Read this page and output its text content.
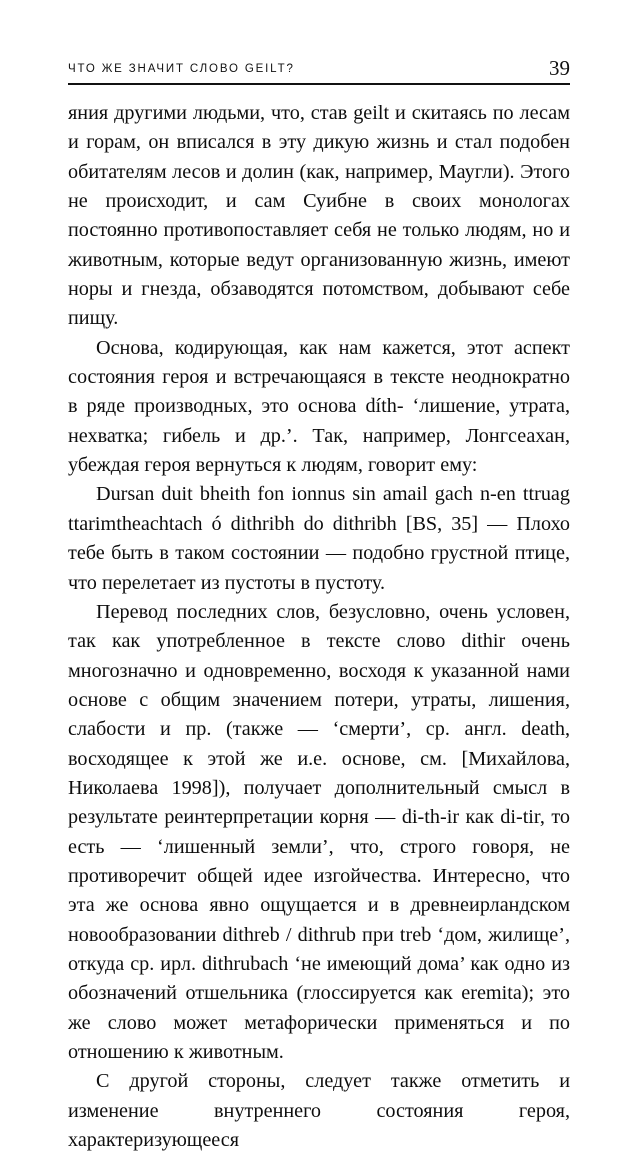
ЧТО ЖЕ ЗНАЧИТ СЛОВО GEILT?	39

яния другими людьми, что, став geilt и скитаясь по лесам и горам, он вписался в эту дикую жизнь и стал подобен обитателям лесов и долин (как, например, Маугли). Этого не происходит, и сам Суибне в своих монологах постоянно противопоставляет себя не только людям, но и животным, которые ведут организованную жизнь, имеют норы и гнезда, обзаводятся потомством, добывают себе пищу.

Основа, кодирующая, как нам кажется, этот аспект состояния героя и встречающаяся в тексте неоднократно в ряде производных, это основа díth- ‘лишение, утрата, нехватка; гибель и др.’. Так, например, Лонгсеахан, убеждая героя вернуться к людям, говорит ему:

Dursan duit bheith fon ionnus sin amail gach n-en ttruag ttarimtheachtach ó dithribh do dithribh [BS, 35] — Плохо тебе быть в таком состоянии — подобно грустной птице, что перелетает из пустоты в пустоту.

Перевод последних слов, безусловно, очень условен, так как употребленное в тексте слово dithir очень многозначно и одновременно, восходя к указанной нами основе с общим значением потери, утраты, лишения, слабости и пр. (также — ‘смерти’, ср. англ. death, восходящее к этой же и.е. основе, см. [Михайлова, Николаева 1998]), получает дополнительный смысл в результате реинтерпретации корня — di-th-ir как di-tir, то есть — ‘лишенный земли’, что, строго говоря, не противоречит общей идее изгойчества. Интересно, что эта же основа явно ощущается и в древнеирландском новообразовании dithreb / dithrub при treb ‘дом, жилище’, откуда ср. ирл. dithrubach ‘не имеющий дома’ как одно из обозначений отшельника (глоссируется как eremita); это же слово может метафорически применяться и по отношению к животным.

С другой стороны, следует также отметить и изменение внутреннего состояния героя, характеризующееся
